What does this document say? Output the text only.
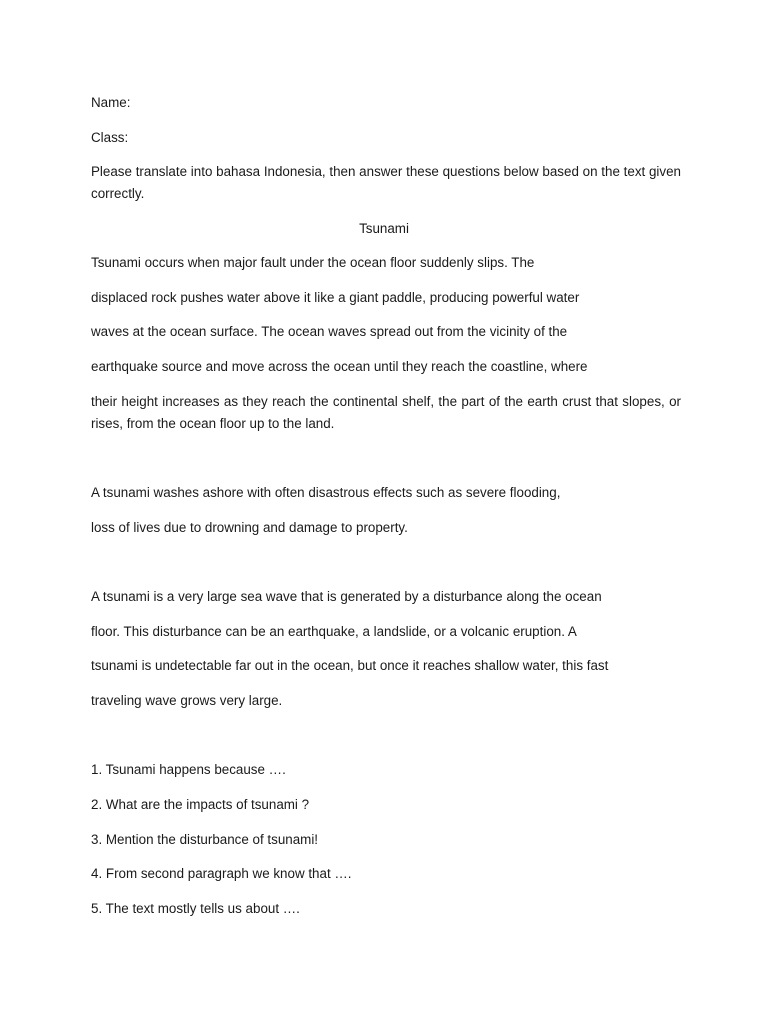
Name:
Class:
Please translate into bahasa Indonesia, then answer these questions below based on the text given correctly.
Tsunami
Tsunami occurs when major fault under the ocean floor suddenly slips. The
displaced rock pushes water above it like a giant paddle, producing powerful water
waves at the ocean surface. The ocean waves spread out from the vicinity of the
earthquake source and move across the ocean until they reach the coastline, where
their height increases as they reach the continental shelf, the part of the earth crust that slopes, or rises, from the ocean floor up to the land.
A tsunami washes ashore with often disastrous effects such as severe flooding,
loss of lives due to drowning and damage to property.
A tsunami is a very large sea wave that is generated by a disturbance along the ocean
floor. This disturbance can be an earthquake, a landslide, or a volcanic eruption. A
tsunami is undetectable far out in the ocean, but once it reaches shallow water, this fast
traveling wave grows very large.
1. Tsunami happens because ….
2. What are the impacts of tsunami ?
3. Mention the disturbance of tsunami!
4. From second paragraph we know that ….
5. The text mostly tells us about ….
